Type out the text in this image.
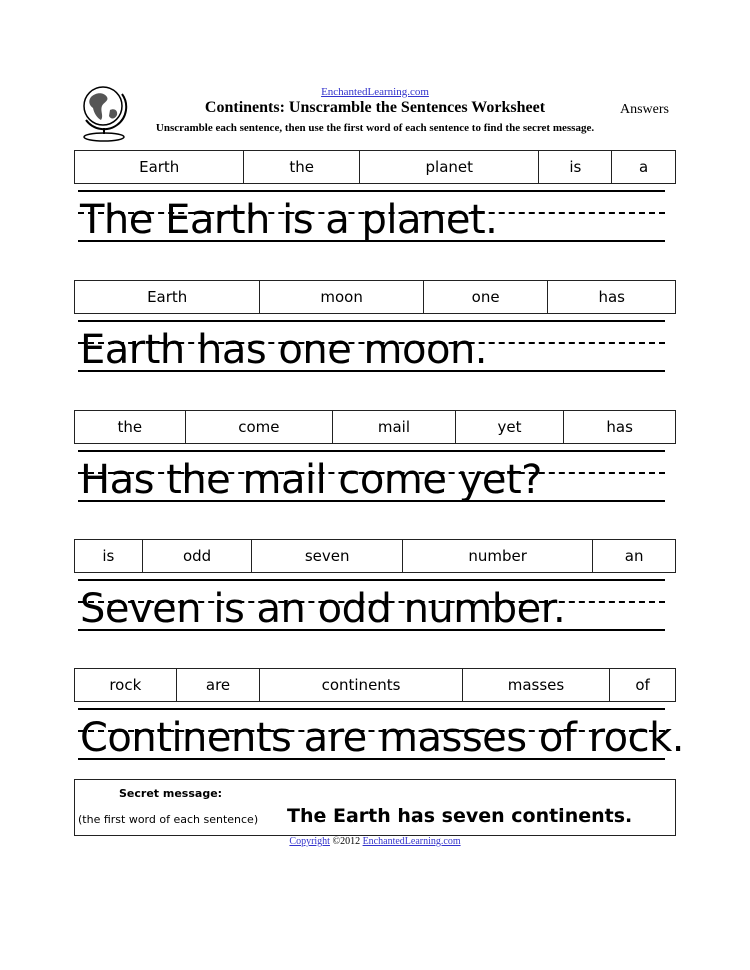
EnchantedLearning.com
Continents: Unscramble the Sentences Worksheet	Answers
Unscramble each sentence, then use the first word of each sentence to find the secret message.
Earth	the	planet	is	a
The Earth is a planet.
Earth	moon	one	has
Earth has one moon.
the	come	mail	yet	has
Has the mail come yet?
is	odd	seven	number	an
Seven is an odd number.
rock	are	continents	masses	of
Continents are masses of rock.
Secret message:
(the first word of each sentence) The Earth has seven continents.
Copyright ©2012 EnchantedLearning.com
